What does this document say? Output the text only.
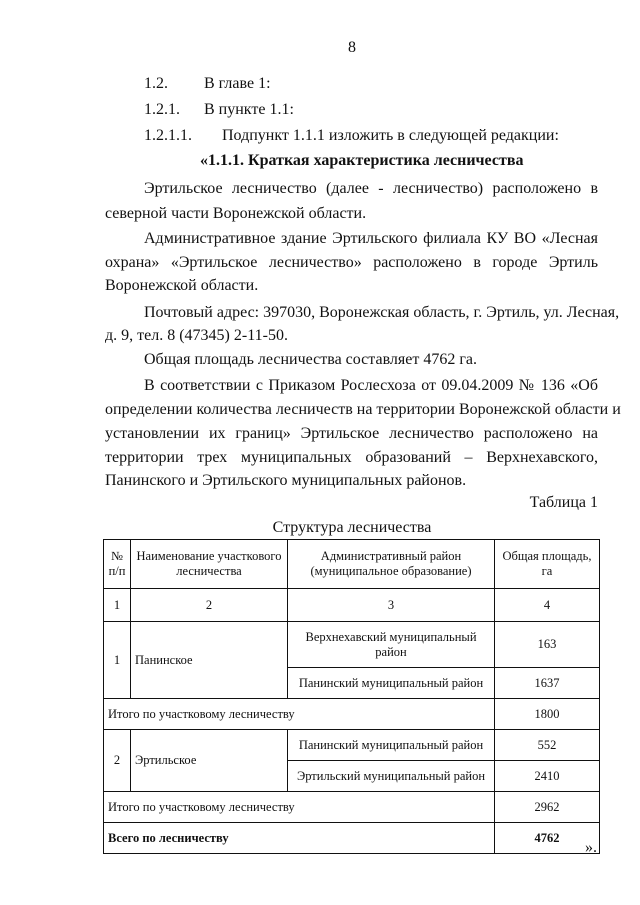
8
1.2. В главе 1:
1.2.1. В пункте 1.1:
1.2.1.1. Подпункт 1.1.1 изложить в следующей редакции:
«1.1.1. Краткая характеристика лесничества
Эртильское лесничество (далее - лесничество) расположено в
северной части Воронежской области.
Административное здание Эртильского филиала КУ ВО «Лесная
охрана» «Эртильское лесничество» расположено в городе Эртиль
Воронежской области.
Почтовый адрес: 397030, Воронежская область, г. Эртиль, ул. Лесная,
д. 9, тел. 8 (47345) 2-11-50.
Общая площадь лесничества составляет 4762 га.
В соответствии с Приказом Рослесхоза от 09.04.2009 № 136 «Об
определении количества лесничеств на территории Воронежской области и
установлении их границ» Эртильское лесничество расположено на
территории трех муниципальных образований – Верхнехавского,
Панинского и Эртильского муниципальных районов.
Таблица 1
Структура лесничества
№ п/п	Наименование участкового лесничества	Административный район (муниципальное образование)	Общая площадь, га
1	2	3	4
1	Панинское	Верхнехавский муниципальный район	163
		Панинский муниципальный район	1637
Итого по участковому лесничеству			1800
2	Эртильское	Панинский муниципальный район	552
		Эртильский муниципальный район	2410
Итого по участковому лесничеству			2962
Всего по лесничеству			4762
».
